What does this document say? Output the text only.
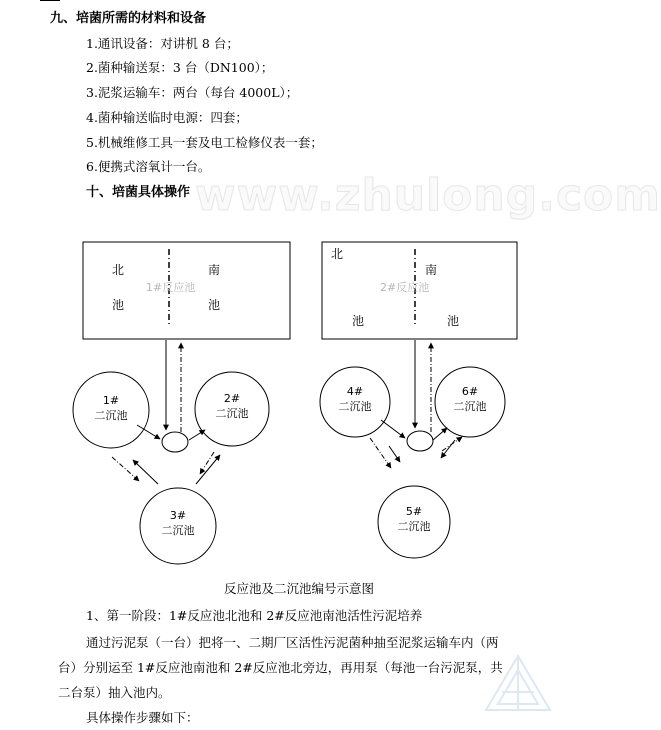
www.zhulong.com
九、培菌所需的材料和设备
1.通讯设备：对讲机 8 台；
2.菌种输送泵：3 台（DN100）；
3.泥浆运输车：两台（每台 4000L）；
4.菌种输送临时电源：四套；
5.机械维修工具一套及电工检修仪表一套；
6.便携式溶氧计一台。
十、培菌具体操作
北	南
池	池
1#反应池
北
南
池	池
2#反应池
1#
二沉池
2#
二沉池
3#
二沉池
4#
二沉池
6#
二沉池
5#
二沉池
反应池及二沉池编号示意图
1、第一阶段：1#反应池北池和 2#反应池南池活性污泥培养
通过污泥泵（一台）把将一、二期厂区活性污泥菌种抽至泥浆运输车内（两
台）分别运至 1#反应池南池和 2#反应池北旁边，再用泵（每池一台污泥泵，共
二台泵）抽入池内。
具体操作步骤如下：
